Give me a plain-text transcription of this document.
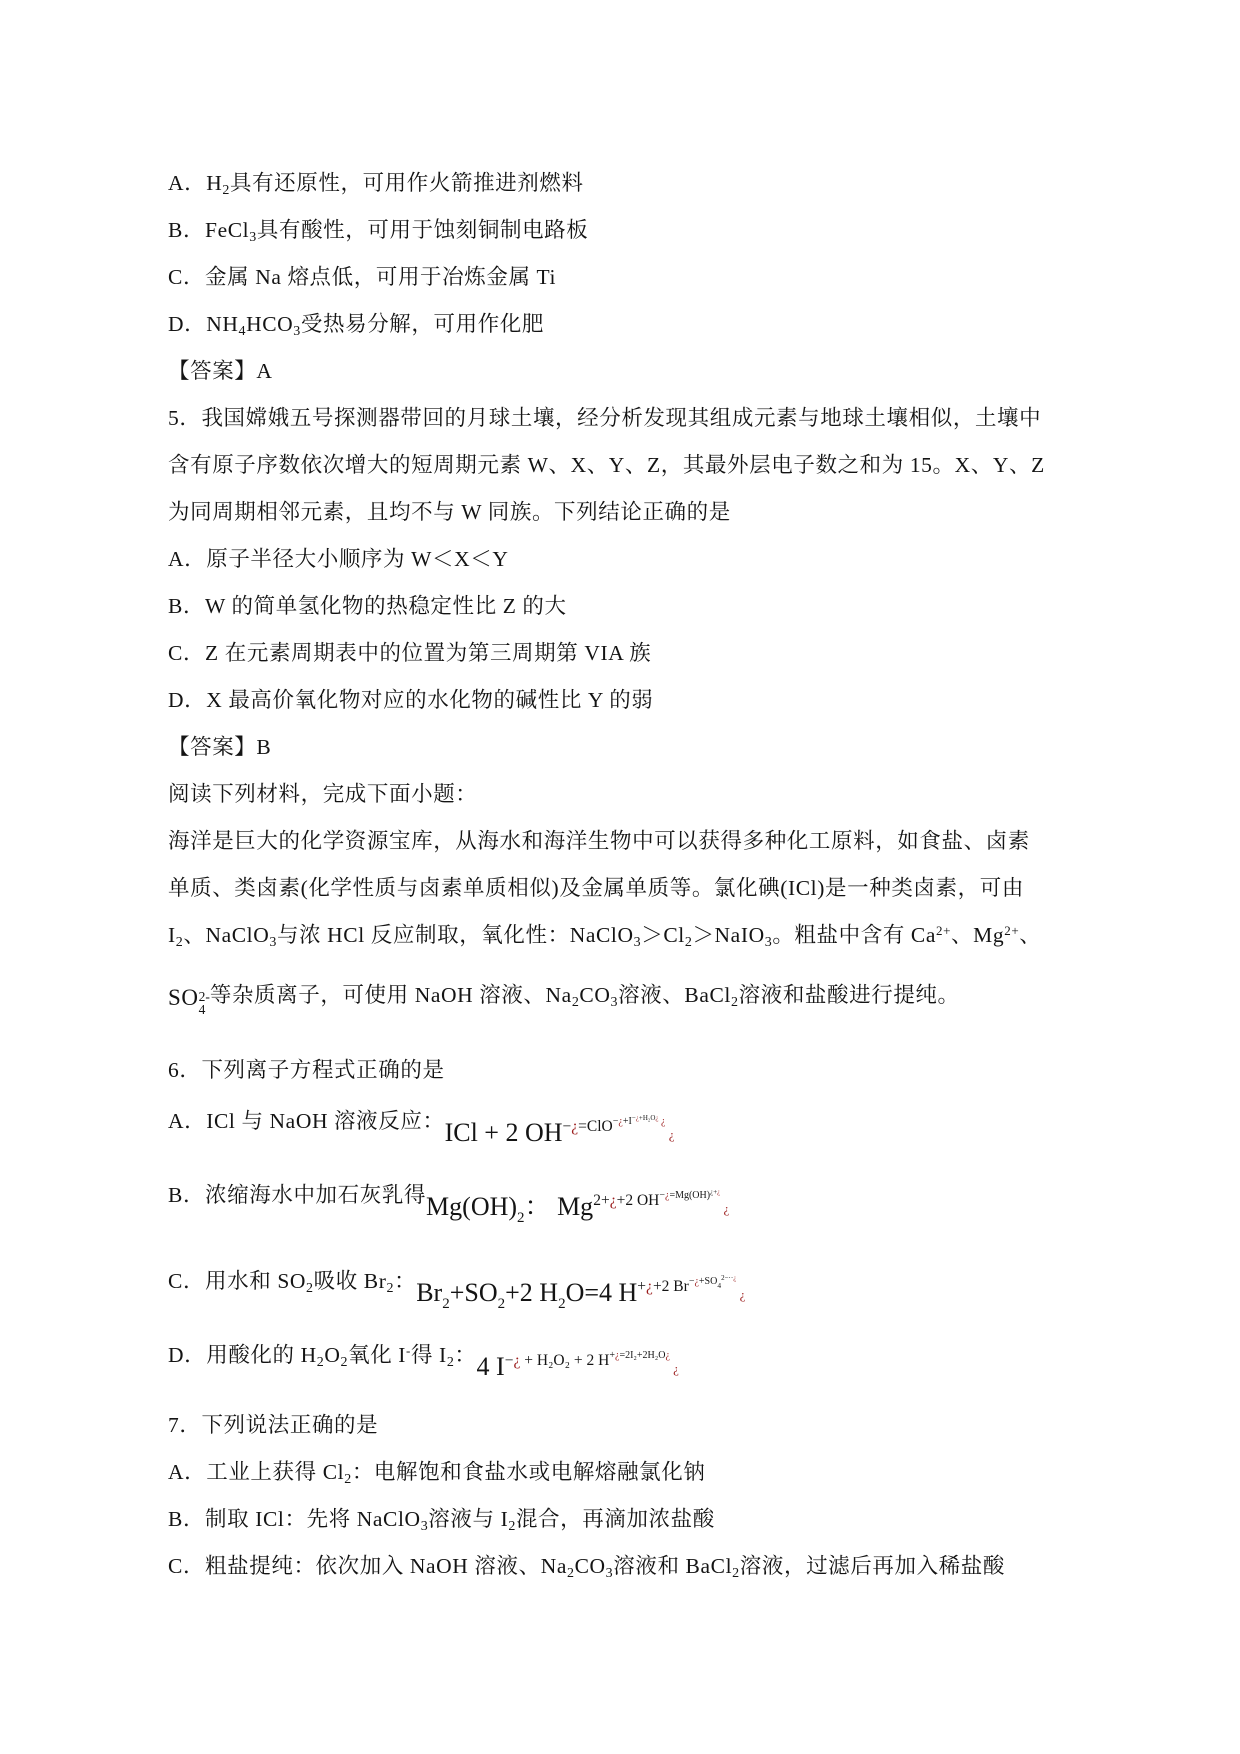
A．H2具有还原性，可用作火箭推进剂燃料
B．FeCl3具有酸性，可用于蚀刻铜制电路板
C．金属 Na 熔点低，可用于冶炼金属 Ti
D．NH4HCO3受热易分解，可用作化肥
【答案】A
5．我国嫦娥五号探测器带回的月球土壤，经分析发现其组成元素与地球土壤相似，土壤中
含有原子序数依次增大的短周期元素 W、X、Y、Z，其最外层电子数之和为 15。X、Y、Z
为同周期相邻元素，且均不与 W 同族。下列结论正确的是
A．原子半径大小顺序为 W＜X＜Y
B．W 的简单氢化物的热稳定性比 Z 的大
C．Z 在元素周期表中的位置为第三周期第 VIA 族
D．X 最高价氧化物对应的水化物的碱性比 Y 的弱
【答案】B
阅读下列材料，完成下面小题：
海洋是巨大的化学资源宝库，从海水和海洋生物中可以获得多种化工原料，如食盐、卤素
单质、类卤素(化学性质与卤素单质相似)及金属单质等。氯化碘(ICl)是一种类卤素，可由
I2、NaClO3与浓 HCl 反应制取，氧化性：NaClO3＞Cl2＞NaIO3。粗盐中含有 $Ca^{2+}$、$Mg^{2+}$、
SO 2-
4
等杂质离子，可使用 NaOH 溶液、Na2CO3溶液、BaCl2溶液和盐酸进行提纯。
6．下列离子方程式正确的是
A．ICl 与 NaOH 溶液反应：ICl + 2 $OH^{-¿=ClO-¿+I-¿+H_2O¿}$ ¿ ¿
B．浓缩海水中加石灰乳得$Mg(OH)_2$： $Mg^{2+¿+2 OH-¿=Mg(OH)¿+¿}$ ¿
C．用水和 SO2吸收 Br2：$Br_2+SO_2+2$ $H_2O=4$ $H^{+¿+2 Br-¿+SO42-\cdot\cdot¿}$ ¿
D．用酸化的 H2O2氧化 I-得 I2：4 I−¿ $^{+ H_2O_2 + 2 H+¿=2I_2+2H_2O¿}$ ¿
7．下列说法正确的是
A．工业上获得 Cl2：电解饱和食盐水或电解熔融氯化钠
B．制取 ICl：先将 NaClO3溶液与 I2混合，再滴加浓盐酸
C．粗盐提纯：依次加入 NaOH 溶液、Na2CO3溶液和 BaCl2溶液，过滤后再加入稀盐酸
